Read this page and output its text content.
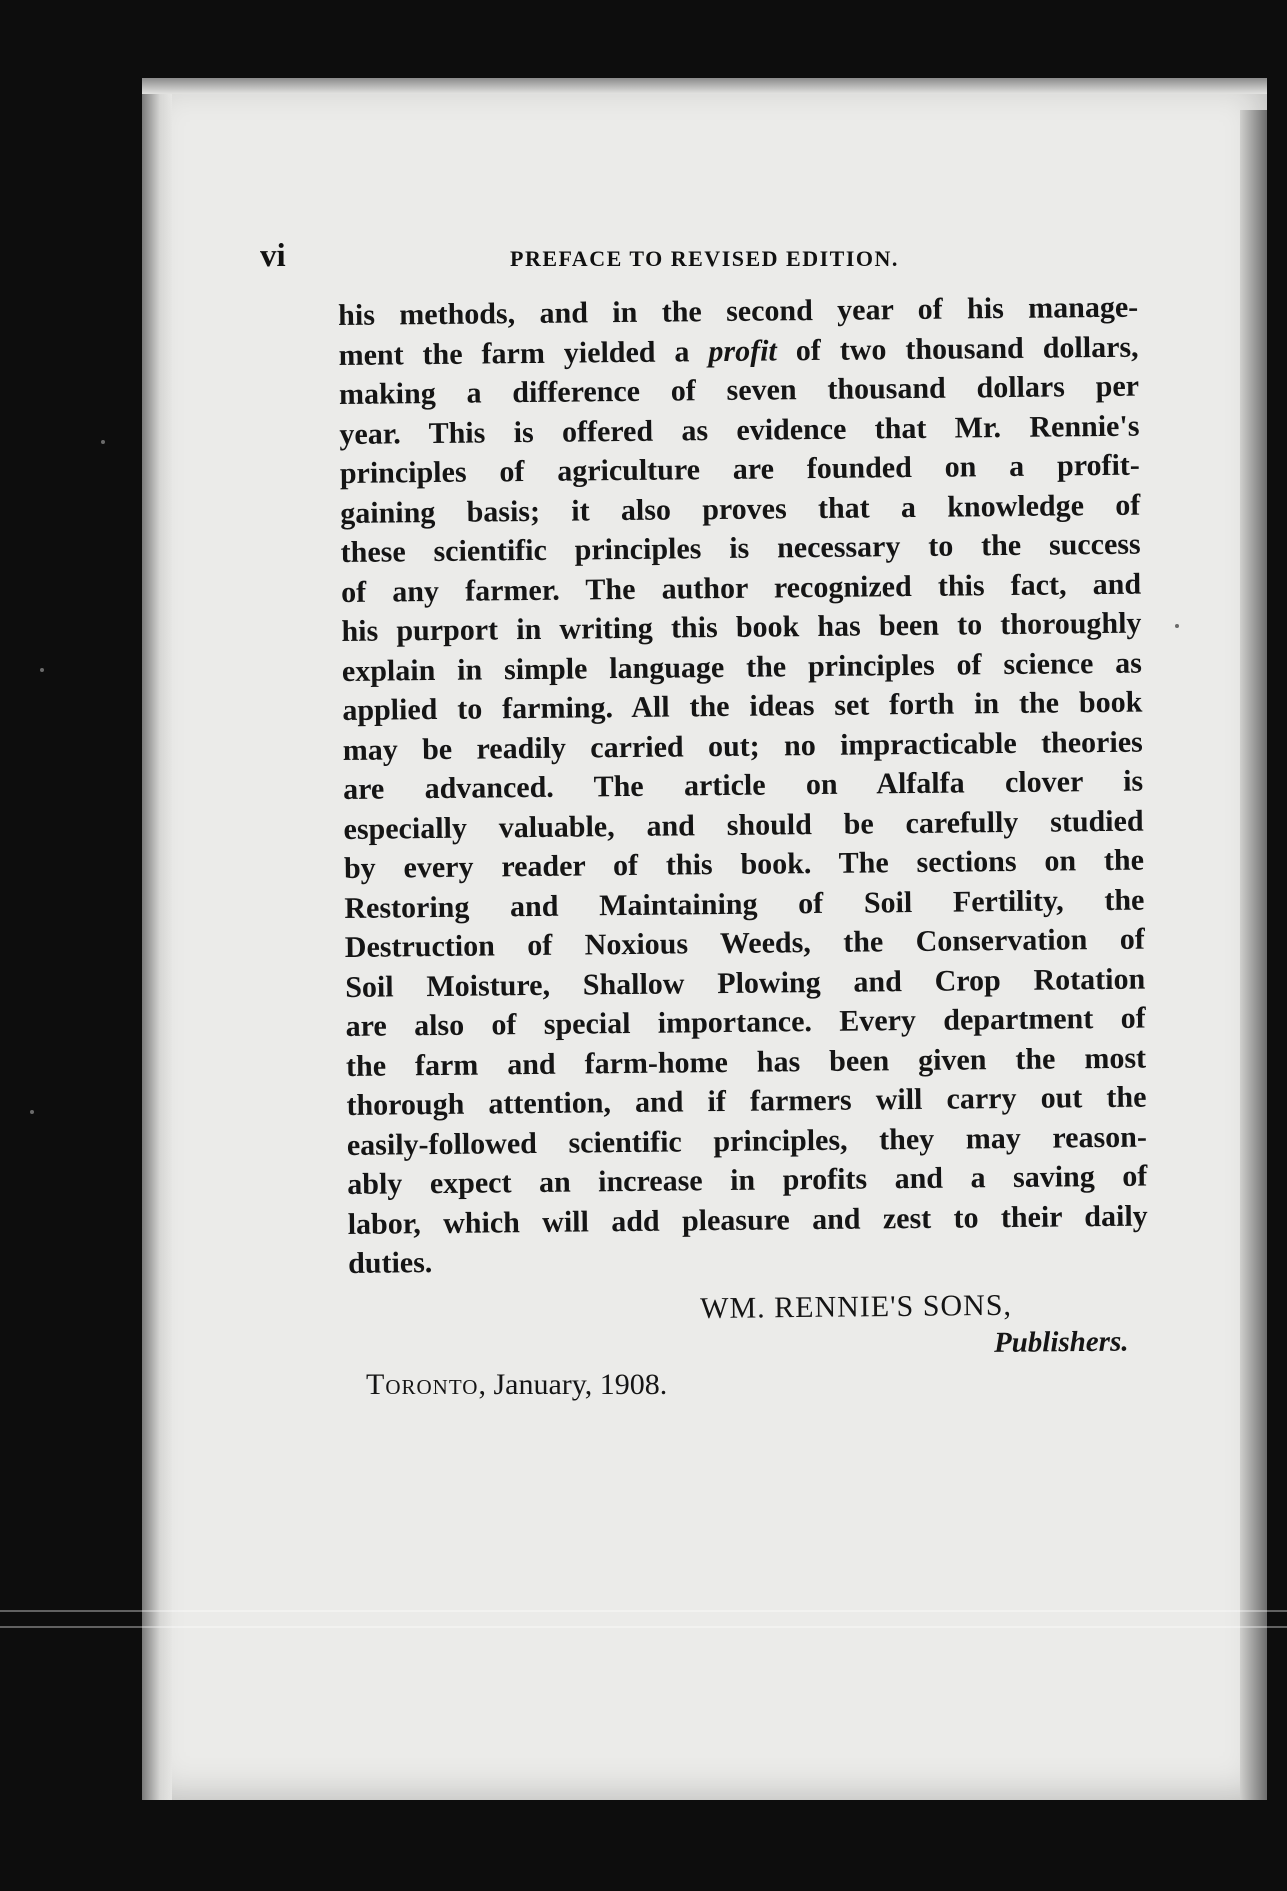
vi	PREFACE TO REVISED EDITION.
his methods, and in the second year of his manage-
ment the farm yielded a profit of two thousand dollars,
making a difference of seven thousand dollars per
year. This is offered as evidence that Mr. Rennie's
principles of agriculture are founded on a profit-
gaining basis; it also proves that a knowledge of
these scientific principles is necessary to the success
of any farmer. The author recognized this fact, and
his purport in writing this book has been to thoroughly
explain in simple language the principles of science as
applied to farming. All the ideas set forth in the book
may be readily carried out; no impracticable theories
are advanced. The article on Alfalfa clover is
especially valuable, and should be carefully studied
by every reader of this book. The sections on the
Restoring and Maintaining of Soil Fertility, the
Destruction of Noxious Weeds, the Conservation of
Soil Moisture, Shallow Plowing and Crop Rotation
are also of special importance. Every department of
the farm and farm-home has been given the most
thorough attention, and if farmers will carry out the
easily-followed scientific principles, they may reason-
ably expect an increase in profits and a saving of
labor, which will add pleasure and zest to their daily
duties.
WM. RENNIE'S SONS,
Publishers.
Toronto, January, 1908.
